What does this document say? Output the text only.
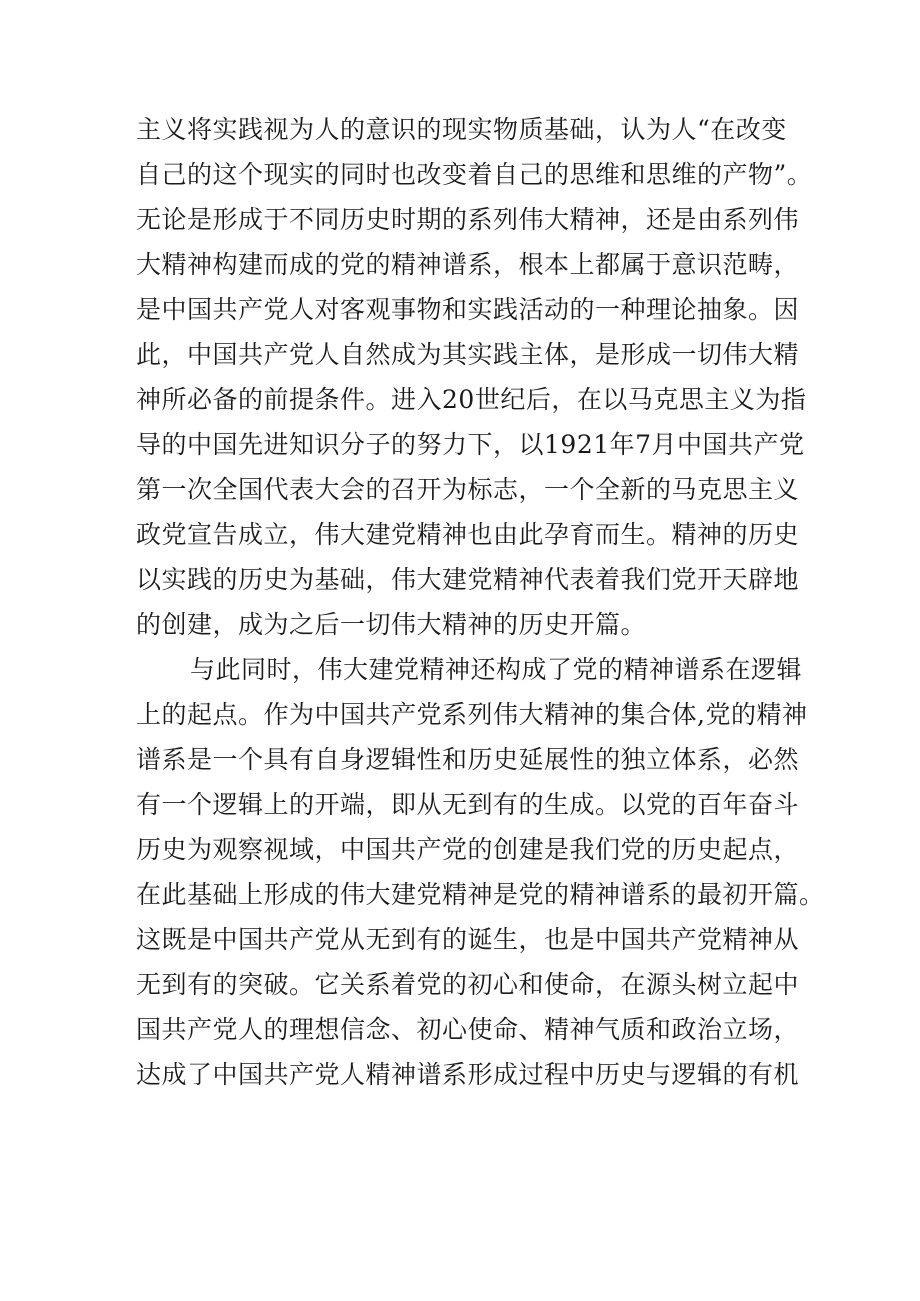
主义将实践视为人的意识的现实物质基础，认为人“在改变
自己的这个现实的同时也改变着自己的思维和思维的产物”。
无论是形成于不同历史时期的系列伟大精神，还是由系列伟
大精神构建而成的党的精神谱系，根本上都属于意识范畴，
是中国共产党人对客观事物和实践活动的一种理论抽象。因
此，中国共产党人自然成为其实践主体，是形成一切伟大精
神所必备的前提条件。进入20世纪后，在以马克思主义为指
导的中国先进知识分子的努力下，以1921年7月中国共产党
第一次全国代表大会的召开为标志，一个全新的马克思主义
政党宣告成立，伟大建党精神也由此孕育而生。精神的历史
以实践的历史为基础，伟大建党精神代表着我们党开天辟地
的创建，成为之后一切伟大精神的历史开篇。
与此同时，伟大建党精神还构成了党的精神谱系在逻辑
上的起点。作为中国共产党系列伟大精神的集合体,党的精神
谱系是一个具有自身逻辑性和历史延展性的独立体系，必然
有一个逻辑上的开端，即从无到有的生成。以党的百年奋斗
历史为观察视域，中国共产党的创建是我们党的历史起点，
在此基础上形成的伟大建党精神是党的精神谱系的最初开篇。
这既是中国共产党从无到有的诞生，也是中国共产党精神从
无到有的突破。它关系着党的初心和使命，在源头树立起中
国共产党人的理想信念、初心使命、精神气质和政治立场，
达成了中国共产党人精神谱系形成过程中历史与逻辑的有机
